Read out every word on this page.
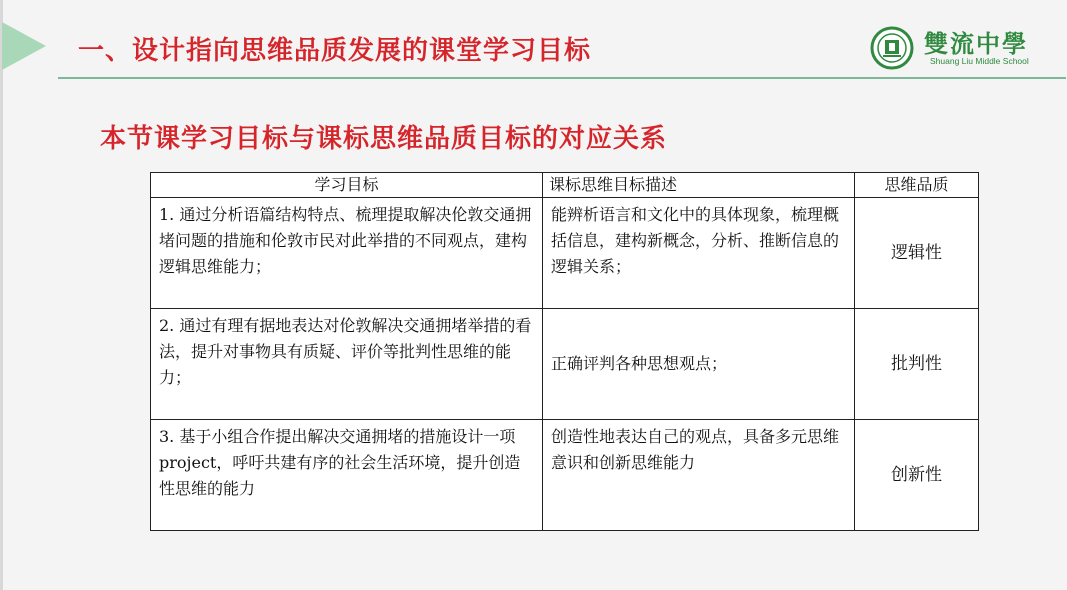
一、设计指向思维品质发展的课堂学习目标	雙流中學
Shuang Liu Middle School
本节课学习目标与课标思维品质目标的对应关系
学习目标	课标思维目标描述	思维品质
1. 通过分析语篇结构特点、梳理提取解决伦敦交通拥堵问题的措施和伦敦市民对此举措的不同观点，建构逻辑思维能力；	能辨析语言和文化中的具体现象，梳理概括信息，建构新概念，分析、推断信息的逻辑关系；	逻辑性
2. 通过有理有据地表达对伦敦解决交通拥堵举措的看法，提升对事物具有质疑、评价等批判性思维的能力；	正确评判各种思想观点；	批判性
3. 基于小组合作提出解决交通拥堵的措施设计一项project，呼吁共建有序的社会生活环境，提升创造性思维的能力	创造性地表达自己的观点，具备多元思维意识和创新思维能力	创新性
